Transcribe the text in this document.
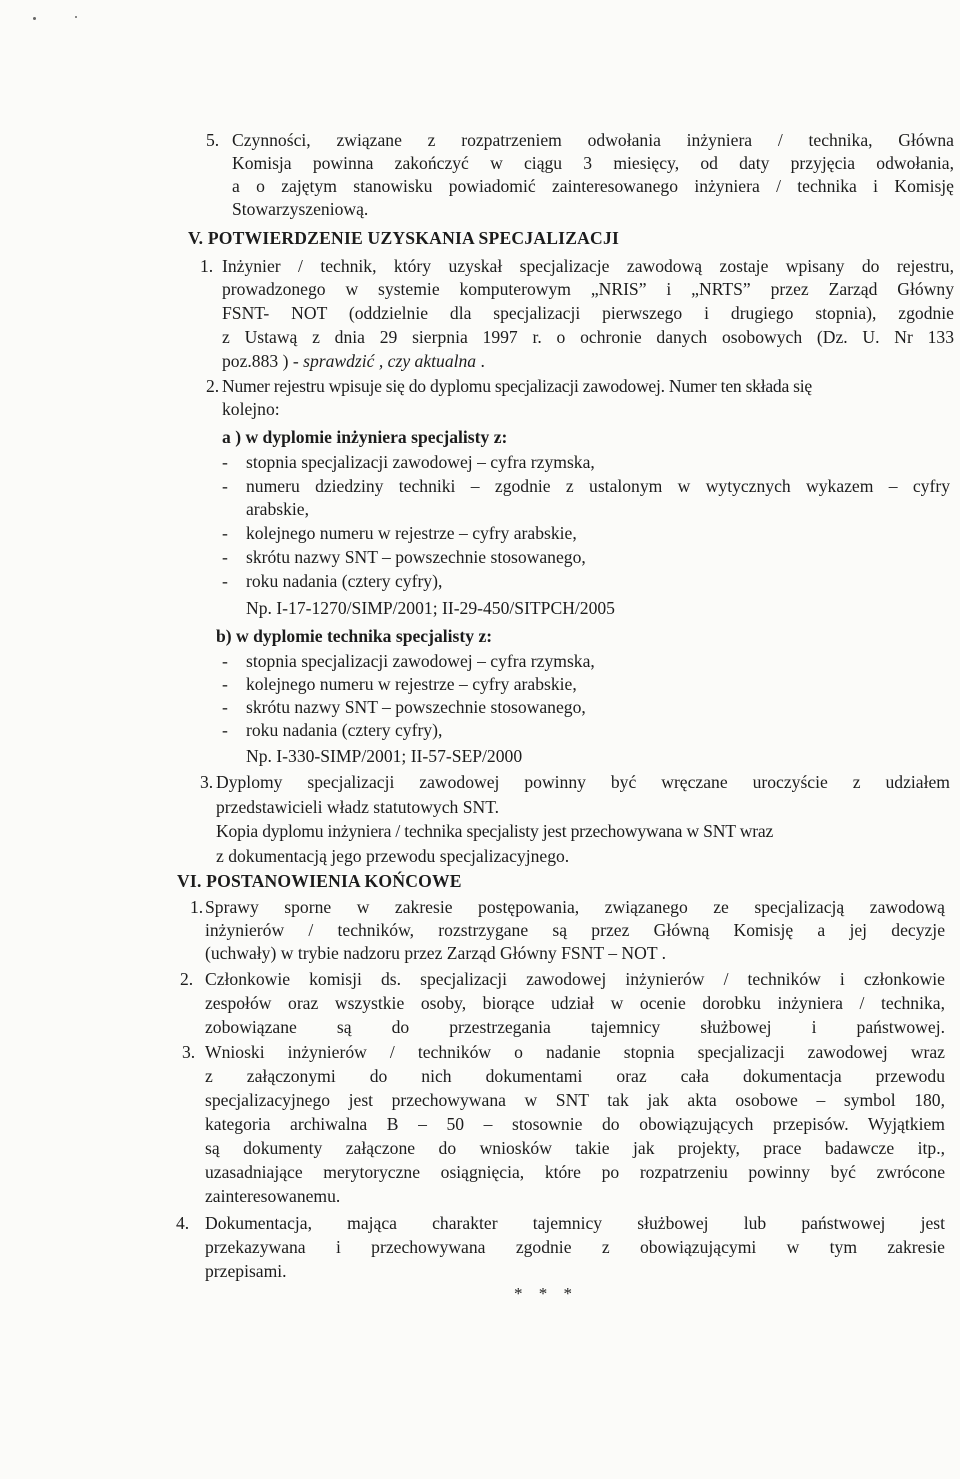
5. Czynności, związane z rozpatrzeniem odwołania inżyniera / technika, Główna
Komisja powinna zakończyć w ciągu 3 miesięcy, od daty przyjęcia odwołania,
a o zajętym stanowisku powiadomić zainteresowanego inżyniera / technika i Komisję
Stowarzyszeniową.
V. POTWIERDZENIE UZYSKANIA SPECJALIZACJI
1. Inżynier / technik, który uzyskał specjalizacje zawodową zostaje wpisany do rejestru,
prowadzonego w systemie komputerowym „NRIS” i „NRTS” przez Zarząd Główny
FSNT- NOT (oddzielnie dla specjalizacji pierwszego i drugiego stopnia), zgodnie
z Ustawą z dnia 29 sierpnia 1997 r. o ochronie danych osobowych (Dz. U. Nr 133
poz.883 ) - sprawdzić , czy aktualna .
2. Numer rejestru wpisuje się do dyplomu specjalizacji zawodowej. Numer ten składa się
kolejno:
a ) w dyplomie inżyniera specjalisty z:
- stopnia specjalizacji zawodowej – cyfra rzymska,
- numeru dziedziny techniki – zgodnie z ustalonym w wytycznych wykazem – cyfry
arabskie,
- kolejnego numeru w rejestrze – cyfry arabskie,
- skrótu nazwy SNT – powszechnie stosowanego,
- roku nadania (cztery cyfry),
Np. I-17-1270/SIMP/2001; II-29-450/SITPCH/2005
b) w dyplomie technika specjalisty z:
- stopnia specjalizacji zawodowej – cyfra rzymska,
- kolejnego numeru w rejestrze – cyfry arabskie,
- skrótu nazwy SNT – powszechnie stosowanego,
- roku nadania (cztery cyfry),
Np. I-330-SIMP/2001; II-57-SEP/2000
3. Dyplomy specjalizacji zawodowej powinny być wręczane uroczyście z udziałem
przedstawicieli władz statutowych SNT.
Kopia dyplomu inżyniera / technika specjalisty jest przechowywana w SNT wraz
z dokumentacją jego przewodu specjalizacyjnego.
VI. POSTANOWIENIA KOŃCOWE
1. Sprawy sporne w zakresie postępowania, związanego ze specjalizacją zawodową
inżynierów / techników, rozstrzygane są przez Główną Komisję a jej decyzje
(uchwały) w trybie nadzoru przez Zarząd Główny FSNT – NOT .
2. Członkowie komisji ds. specjalizacji zawodowej inżynierów / techników i członkowie
zespołów oraz wszystkie osoby, biorące udział w ocenie dorobku inżyniera / technika,
zobowiązane są do przestrzegania tajemnicy służbowej i państwowej.
3. Wnioski inżynierów / techników o nadanie stopnia specjalizacji zawodowej wraz
z załączonymi do nich dokumentami oraz cała dokumentacja przewodu
specjalizacyjnego jest przechowywana w SNT tak jak akta osobowe – symbol 180,
kategoria archiwalna B – 50 – stosownie do obowiązujących przepisów. Wyjątkiem
są dokumenty załączone do wniosków takie jak projekty, prace badawcze itp.,
uzasadniające merytoryczne osiągnięcia, które po rozpatrzeniu powinny być zwrócone
zainteresowanemu.
4. Dokumentacja, mająca charakter tajemnicy służbowej lub państwowej jest
przekazywana i przechowywana zgodnie z obowiązującymi w tym zakresie
przepisami.
* * *
